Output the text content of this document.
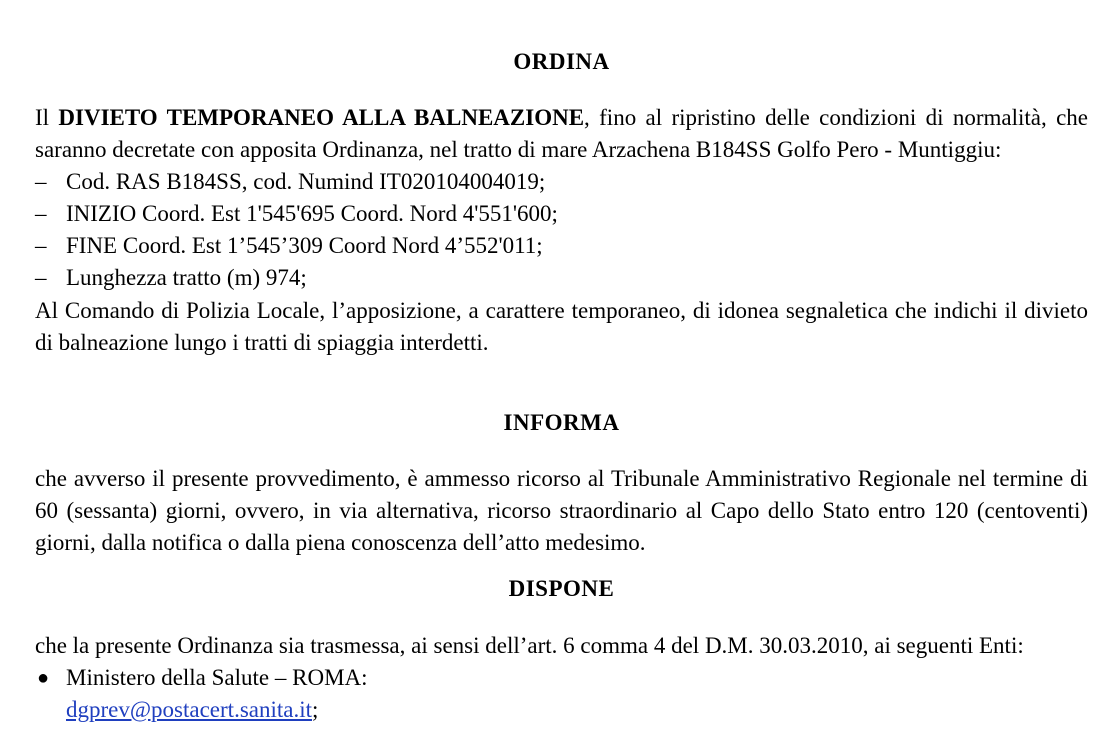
ORDINA

Il DIVIETO TEMPORANEO ALLA BALNEAZIONE, fino al ripristino delle condizioni di normalità, che saranno decretate con apposita Ordinanza, nel tratto di mare Arzachena B184SS Golfo Pero - Muntiggiu:

– Cod. RAS B184SS, cod. Numind IT020104004019;
– INIZIO Coord. Est 1'545'695 Coord. Nord 4'551'600;
– FINE Coord. Est 1’545’309 Coord Nord 4’552'011;
– Lunghezza tratto (m) 974;

Al Comando di Polizia Locale, l’apposizione, a carattere temporaneo, di idonea segnaletica che indichi il divieto di balneazione lungo i tratti di spiaggia interdetti.

INFORMA

che avverso il presente provvedimento, è ammesso ricorso al Tribunale Amministrativo Regionale nel termine di 60 (sessanta) giorni, ovvero, in via alternativa, ricorso straordinario al Capo dello Stato entro 120 (centoventi) giorni, dalla notifica o dalla piena conoscenza dell’atto medesimo.

DISPONE

che la presente Ordinanza sia trasmessa, ai sensi dell’art. 6 comma 4 del D.M. 30.03.2010, ai seguenti Enti:

● Ministero della Salute – ROMA:
dgprev@postacert.sanita.it;
